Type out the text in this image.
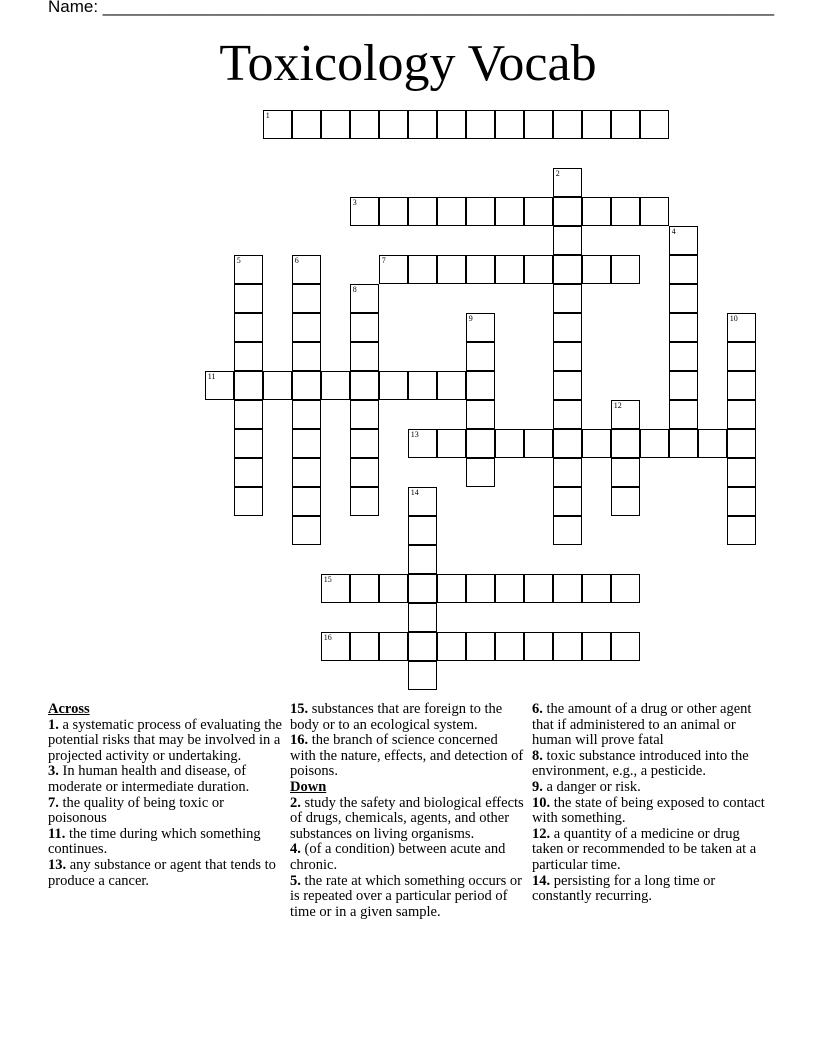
Name: _______________________________________________________________________
Toxicology Vocab
1
2
3
4
5	6	7
8
9	10
11
12
13
14
15
16

Across

1. a systematic process of evaluating the potential risks that may be involved in a projected activity or undertaking.

3. In human health and disease, of moderate or intermediate duration.

7. the quality of being toxic or poisonous

11. the time during which something continues.

13. any substance or agent that tends to produce a cancer.

15. substances that are foreign to the body or to an ecological system.

16. the branch of science concerned with the nature, effects, and detection of poisons.

Down

2. study the safety and biological effects of drugs, chemicals, agents, and other substances on living organisms.

4. (of a condition) between acute and chronic.

5. the rate at which something occurs or is repeated over a particular period of time or in a given sample.

6. the amount of a drug or other agent that if administered to an animal or human will prove fatal

8. toxic substance introduced into the environment, e.g., a pesticide.

9. a danger or risk.

10. the state of being exposed to contact with something.

12. a quantity of a medicine or drug taken or recommended to be taken at a particular time.

14. persisting for a long time or constantly recurring.
